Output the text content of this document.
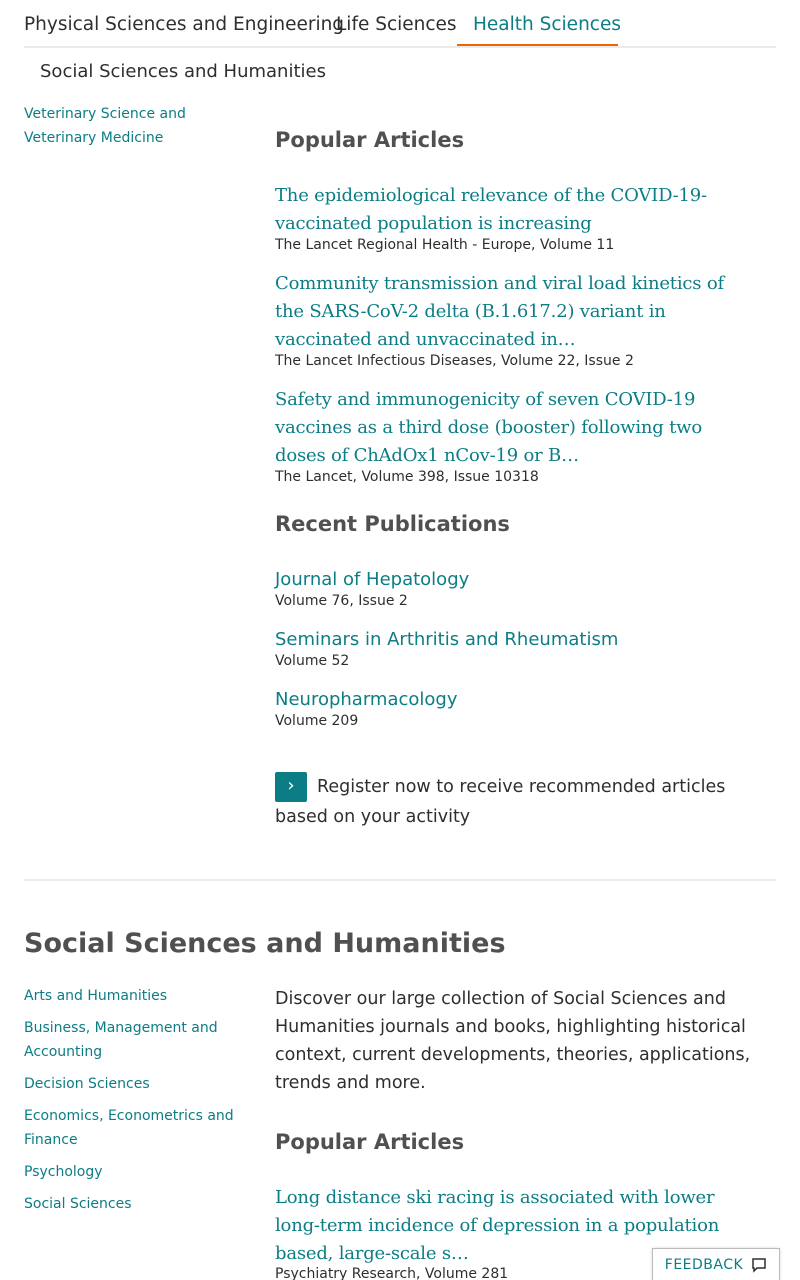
Physical Sciences and Engineering
Life Sciences Health Sciences
Social Sciences and Humanities
Veterinary Science and Veterinary Medicine	Popular Articles
The epidemiological relevance of the COVID-19-vaccinated population is increasing
The Lancet Regional Health - Europe, Volume 11
Community transmission and viral load kinetics of the SARS-CoV-2 delta (B.1.617.2) variant in vaccinated and unvaccinated in…
The Lancet Infectious Diseases, Volume 22, Issue 2
Safety and immunogenicity of seven COVID-19 vaccines as a third dose (booster) following two doses of ChAdOx1 nCov-19 or B…
The Lancet, Volume 398, Issue 10318
Recent Publications
Journal of Hepatology
Volume 76, Issue 2
Seminars in Arthritis and Rheumatism
Volume 52
Neuropharmacology
Volume 209
› Register now to receive recommended articles based on your activity
Social Sciences and Humanities
Arts and Humanities
Business, Management and Accounting
Decision Sciences
Economics, Econometrics and Finance
Psychology
Social Sciences

Discover our large collection of Social Sciences and Humanities journals and books, highlighting historical context, current developments, theories, applications, trends and more.

Popular Articles
Long distance ski racing is associated with lower long-term incidence of depression in a population based, large-scale s…
Psychiatry Research, Volume 281
FEEDBACK
